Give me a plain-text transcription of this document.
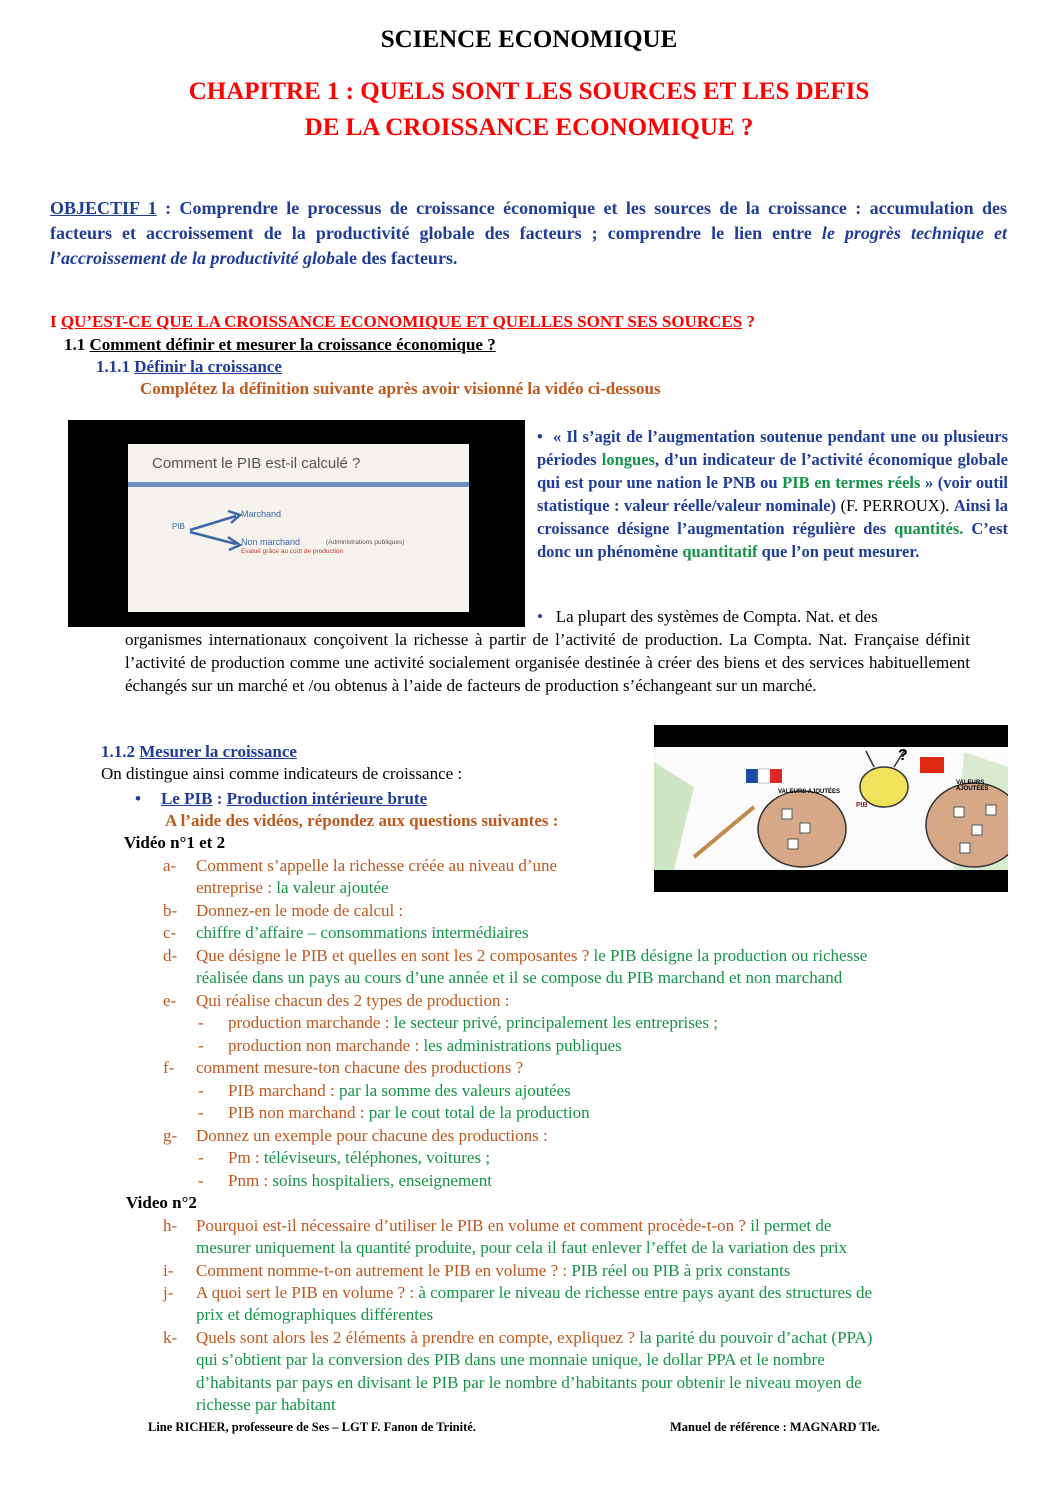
SCIENCE ECONOMIQUE
CHAPITRE 1 : QUELS SONT LES SOURCES ET LES DEFIS
DE LA CROISSANCE ECONOMIQUE ?
OBJECTIF 1 : Comprendre le processus de croissance économique et les sources de la croissance : accumulation des facteurs et accroissement de la productivité globale des facteurs ; comprendre le lien entre le progrès technique et l’accroissement de la productivité globale des facteurs.
I QU’EST-CE QUE LA CROISSANCE ECONOMIQUE ET QUELLES SONT SES SOURCES ?
1.1 Comment définir et mesurer la croissance économique ?
1.1.1 Définir la croissance
Complétez la définition suivante après avoir visionné la vidéo ci-dessous
Comment le PIB est-il calculé ?
PIB
Marchand
Non marchand	(Administrations publiques)
Evalué grâce au coût de production
• « Il s’agit de l’augmentation soutenue pendant une ou plusieurs périodes longues, d’un indicateur de l’activité économique globale qui est pour une nation le PNB ou PIB en termes réels » (voir outil statistique : valeur réelle/valeur nominale) (F. PERROUX). Ainsi la croissance désigne l’augmentation régulière des quantités. C’est donc un phénomène quantitatif que l’on peut mesurer.
• La plupart des systèmes de Compta. Nat. et des
organismes internationaux conçoivent la richesse à partir de l’activité de production. La Compta. Nat. Française définit l’activité de production comme une activité socialement organisée destinée à créer des biens et des services habituellement échangés sur un marché et /ou obtenus à l’aide de facteurs de production s’échangeant sur un marché.
1.1.2 Mesurer la croissance
On distingue ainsi comme indicateurs de croissance :
• Le PIB : Production intérieure brute
A l’aide des vidéos, répondez aux questions suivantes :
Vidéo n°1 et 2
VALEURS AJOUTÉES
VALEURS AJOUTÉES
PIB
?
a- Comment s’appelle la richesse créée au niveau d’une
entreprise : la valeur ajoutée
b- Donnez-en le mode de calcul :
c- chiffre d’affaire – consommations intermédiaires
d- Que désigne le PIB et quelles en sont les 2 composantes ? le PIB désigne la production ou richesse
réalisée dans un pays au cours d’une année et il se compose du PIB marchand et non marchand
e- Qui réalise chacun des 2 types de production :
- production marchande : le secteur privé, principalement les entreprises ;
- production non marchande : les administrations publiques
f- comment mesure-ton chacune des productions ?
- PIB marchand : par la somme des valeurs ajoutées
- PIB non marchand : par le cout total de la production
g- Donnez un exemple pour chacune des productions :
- Pm : téléviseurs, téléphones, voitures ;
- Pnm : soins hospitaliers, enseignement
Video n°2
h- Pourquoi est-il nécessaire d’utiliser le PIB en volume et comment procède-t-on ? il permet de
mesurer uniquement la quantité produite, pour cela il faut enlever l’effet de la variation des prix
i- Comment nomme-t-on autrement le PIB en volume ? : PIB réel ou PIB à prix constants
j- A quoi sert le PIB en volume ? : à comparer le niveau de richesse entre pays ayant des structures de
prix et démographiques différentes
k- Quels sont alors les 2 éléments à prendre en compte, expliquez ? la parité du pouvoir d’achat (PPA)
qui s’obtient par la conversion des PIB dans une monnaie unique, le dollar PPA et le nombre
d’habitants par pays en divisant le PIB par le nombre d’habitants pour obtenir le niveau moyen de
richesse par habitant
Line RICHER, professeure de Ses – LGT F. Fanon de Trinité.	Manuel de référence : MAGNARD Tle.
